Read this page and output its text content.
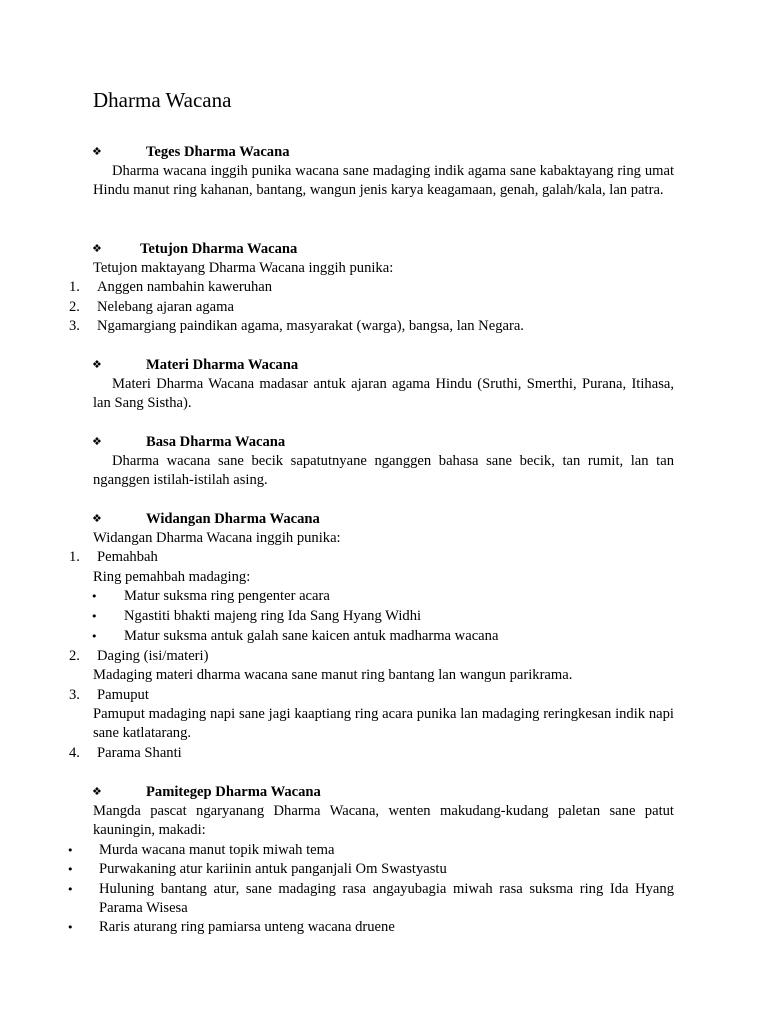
Dharma Wacana
❖	Teges Dharma Wacana

Dharma wacana inggih punika wacana sane madaging indik agama sane kabaktayang ring umat Hindu manut ring kahanan, bantang, wangun jenis karya keagamaan, genah, galah/kala, lan patra.

❖	Tetujon Dharma Wacana
Tetujon maktayang Dharma Wacana inggih punika:
1. Anggen nambahin kaweruhan
2. Nelebang ajaran agama
3. Ngamargiang paindikan agama, masyarakat (warga), bangsa, lan Negara.
❖	Materi Dharma Wacana

Materi Dharma Wacana madasar antuk ajaran agama Hindu (Sruthi, Smerthi, Purana, Itihasa, lan Sang Sistha).

❖	Basa Dharma Wacana

Dharma wacana sane becik sapatutnyane nganggen bahasa sane becik, tan rumit, lan tan nganggen istilah-istilah asing.

❖	Widangan Dharma Wacana
Widangan Dharma Wacana inggih punika:
1. Pemahbah
Ring pemahbah madaging:
• Matur suksma ring pengenter acara
• Ngastiti bhakti majeng ring Ida Sang Hyang Widhi
• Matur suksma antuk galah sane kaicen antuk madharma wacana
2. Daging (isi/materi)
Madaging materi dharma wacana sane manut ring bantang lan wangun parikrama.
3. Pamuput
Pamuput madaging napi sane jagi kaaptiang ring acara punika lan madaging reringkesan indik napi sane katlatarang.
4. Parama Shanti
❖	Pamitegep Dharma Wacana

Mangda pascat ngaryanang Dharma Wacana, wenten makudang-kudang paletan sane patut kauningin, makadi:

• Murda wacana manut topik miwah tema
• Purwakaning atur kariinin antuk panganjali Om Swastyastu
• Huluning bantang atur, sane madaging rasa angayubagia miwah rasa suksma ring Ida Hyang Parama Wisesa
• Raris aturang ring pamiarsa unteng wacana druene
